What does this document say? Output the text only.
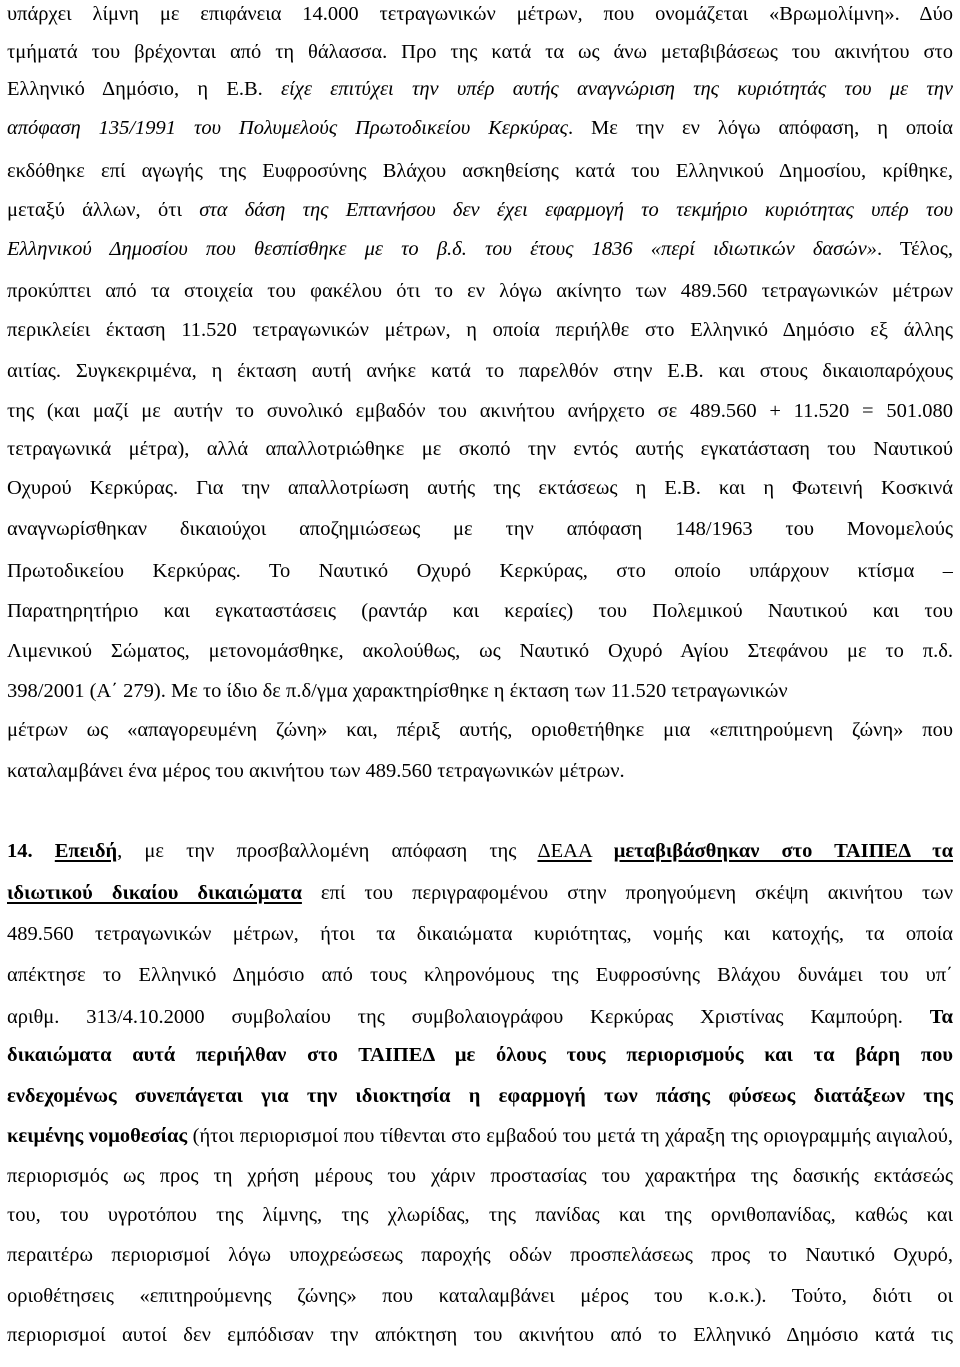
υπάρχει λίμνη με επιφάνεια 14.000 τετραγωνικών μέτρων, που ονομάζεται «Βρωμολίμνη». Δύο
τμήματά του βρέχονται από τη θάλασσα. Προ της κατά τα ως άνω μεταβιβάσεως του ακινήτου στο
Ελληνικό Δημόσιο, η Ε.Β. είχε επιτύχει την υπέρ αυτής αναγνώριση της κυριότητάς του με την
απόφαση 135/1991 του Πολυμελούς Πρωτοδικείου Κερκύρας. Με την εν λόγω απόφαση, η οποία
εκδόθηκε επί αγωγής της Ευφροσύνης Βλάχου ασκηθείσης κατά του Ελληνικού Δημοσίου, κρίθηκε,
μεταξύ άλλων, ότι στα δάση της Επτανήσου δεν έχει εφαρμογή το τεκμήριο κυριότητας υπέρ του
Ελληνικού Δημοσίου που θεσπίσθηκε με το β.δ. του έτους 1836 «περί ιδιωτικών δασών». Τέλος,
προκύπτει από τα στοιχεία του φακέλου ότι το εν λόγω ακίνητο των 489.560 τετραγωνικών μέτρων
περικλείει έκταση 11.520 τετραγωνικών μέτρων, η οποία περιήλθε στο Ελληνικό Δημόσιο εξ άλλης
αιτίας. Συγκεκριμένα, η έκταση αυτή ανήκε κατά το παρελθόν στην Ε.Β. και στους δικαιοπαρόχους
της (και μαζί με αυτήν το συνολικό εμβαδόν του ακινήτου ανήρχετο σε 489.560 + 11.520 = 501.080
τετραγωνικά μέτρα), αλλά απαλλοτριώθηκε με σκοπό την εντός αυτής εγκατάσταση του Ναυτικού
Οχυρού Κερκύρας. Για την απαλλοτρίωση αυτής της εκτάσεως η Ε.Β. και η Φωτεινή Κοσκινά
αναγνωρίσθηκαν δικαιούχοι αποζημιώσεως με την απόφαση 148/1963 του Μονομελούς
Πρωτοδικείου Κερκύρας. Το Ναυτικό Οχυρό Κερκύρας, στο οποίο υπάρχουν κτίσμα –
Παρατηρητήριο και εγκαταστάσεις (ραντάρ και κεραίες) του Πολεμικού Ναυτικού και του
Λιμενικού Σώματος, μετονομάσθηκε, ακολούθως, ως Ναυτικό Οχυρό Αγίου Στεφάνου με το π.δ.
398/2001 (Α΄ 279). Με το ίδιο δε π.δ/γμα χαρακτηρίσθηκε η έκταση των 11.520 τετραγωνικών
μέτρων ως «απαγορευμένη ζώνη» και, πέριξ αυτής, οριοθετήθηκε μια «επιτηρούμενη ζώνη» που
καταλαμβάνει ένα μέρος του ακινήτου των 489.560 τετραγωνικών μέτρων.
14. Επειδή, με την προσβαλλομένη απόφαση της ΔΕΑΑ μεταβιβάσθηκαν στο ΤΑΙΠΕΔ τα
ιδιωτικού δικαίου δικαιώματα επί του περιγραφομένου στην προηγούμενη σκέψη ακινήτου των
489.560 τετραγωνικών μέτρων, ήτοι τα δικαιώματα κυριότητας, νομής και κατοχής, τα οποία
απέκτησε το Ελληνικό Δημόσιο από τους κληρονόμους της Ευφροσύνης Βλάχου δυνάμει του υπ΄
αριθμ. 313/4.10.2000 συμβολαίου της συμβολαιογράφου Κερκύρας Χριστίνας Καμπούρη. Τα
δικαιώματα αυτά περιήλθαν στο ΤΑΙΠΕΔ με όλους τους περιορισμούς και τα βάρη που
ενδεχομένως συνεπάγεται για την ιδιοκτησία η εφαρμογή των πάσης φύσεως διατάξεων της
κειμένης νομοθεσίας (ήτοι περιορισμοί που τίθενται στο εμβαδού του μετά τη χάραξη της οριογραμμής αιγιαλού,
περιορισμός ως προς τη χρήση μέρους του χάριν προστασίας του χαρακτήρα της δασικής εκτάσεώς
του, του υγροτόπου της λίμνης, της χλωρίδας, της πανίδας και της ορνιθοπανίδας, καθώς και
περαιτέρω περιορισμοί λόγω υποχρεώσεως παροχής οδών προσπελάσεως προς το Ναυτικό Οχυρό,
οριοθέτησεις «επιτηρούμενης ζώνης» που καταλαμβάνει μέρος του κ.ο.κ.). Τούτο, διότι οι
περιορισμοί αυτοί δεν εμπόδισαν την απόκτηση του ακινήτου από το Ελληνικό Δημόσιο κατά τις
